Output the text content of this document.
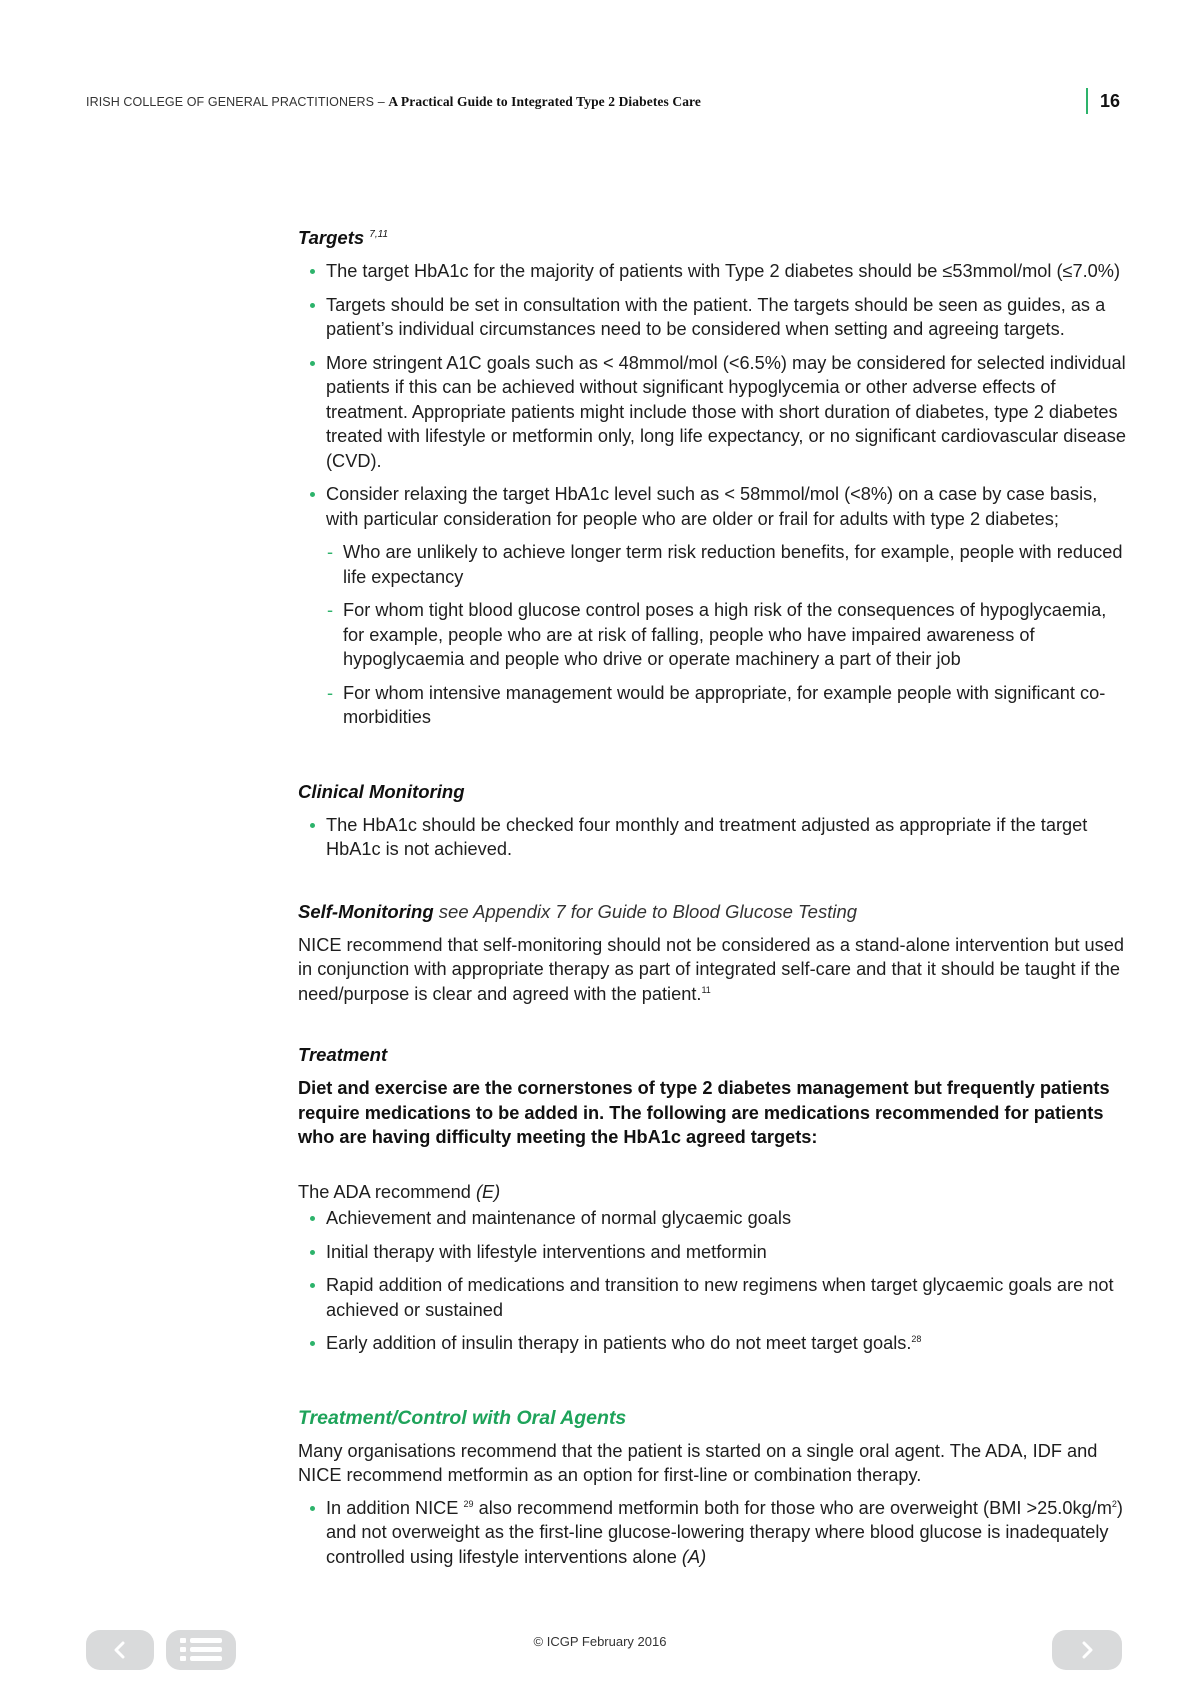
IRISH COLLEGE OF GENERAL PRACTITIONERS – A Practical Guide to Integrated Type 2 Diabetes Care	16
Targets $^{7,11}$
The target HbA1c for the majority of patients with Type 2 diabetes should be ≤53mmol/mol (≤7.0%)
Targets should be set in consultation with the patient. The targets should be seen as guides, as a patient’s individual circumstances need to be considered when setting and agreeing targets.
More stringent A1C goals such as < 48mmol/mol (<6.5%) may be considered for selected individual patients if this can be achieved without significant hypoglycemia or other adverse effects of treatment. Appropriate patients might include those with short duration of diabetes, type 2 diabetes treated with lifestyle or metformin only, long life expectancy, or no significant cardiovascular disease (CVD).
Consider relaxing the target HbA1c level such as < 58mmol/mol (<8%) on a case by case basis, with particular consideration for people who are older or frail for adults with type 2 diabetes;
- Who are unlikely to achieve longer term risk reduction benefits, for example, people with reduced life expectancy
- For whom tight blood glucose control poses a high risk of the consequences of hypoglycaemia, for example, people who are at risk of falling, people who have impaired awareness of hypoglycaemia and people who drive or operate machinery a part of their job
- For whom intensive management would be appropriate, for example people with significant co-morbidities
Clinical Monitoring
The HbA1c should be checked four monthly and treatment adjusted as appropriate if the target HbA1c is not achieved.
Self-Monitoring see Appendix 7 for Guide to Blood Glucose Testing

NICE recommend that self-monitoring should not be considered as a stand-alone intervention but used in conjunction with appropriate therapy as part of integrated self-care and that it should be taught if the need/purpose is clear and agreed with the patient.$^{11}$

Treatment

Diet and exercise are the cornerstones of type 2 diabetes management but frequently patients require medications to be added in. The following are medications recommended for patients who are having difficulty meeting the HbA1c agreed targets:

The ADA recommend (E)
Achievement and maintenance of normal glycaemic goals
Initial therapy with lifestyle interventions and metformin
Rapid addition of medications and transition to new regimens when target glycaemic goals are not achieved or sustained
Early addition of insulin therapy in patients who do not meet target goals.$^{28}$
Treatment/Control with Oral Agents

Many organisations recommend that the patient is started on a single oral agent. The ADA, IDF and NICE recommend metformin as an option for first-line or combination therapy.

In addition NICE $^{29}$ also recommend metformin both for those who are overweight (BMI >25.0kg/m$^2$) and not overweight as the first-line glucose-lowering therapy where blood glucose is inadequately controlled using lifestyle interventions alone (A)
© ICGP February 2016
